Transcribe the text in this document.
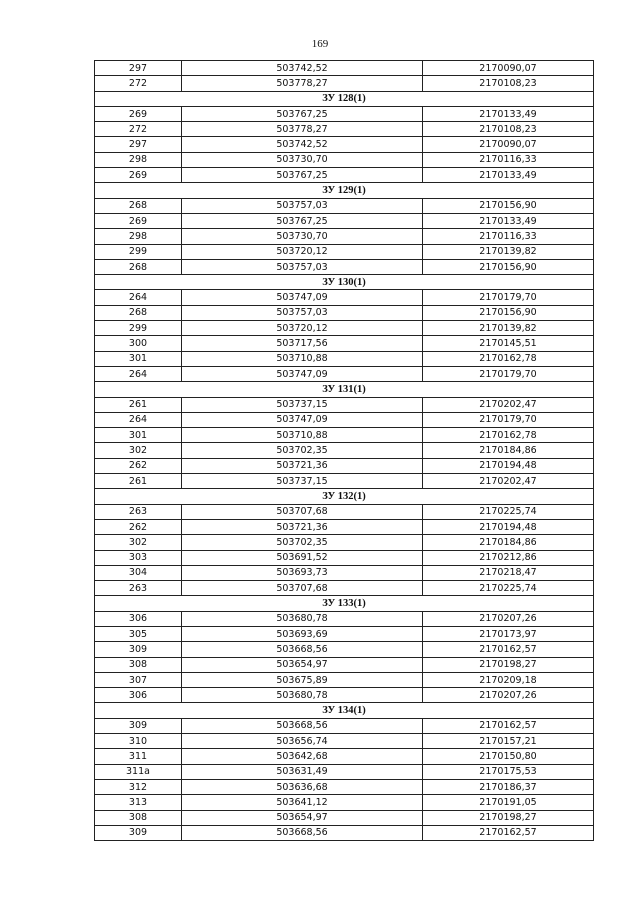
169
297	503742,52	2170090,07
272	503778,27	2170108,23
ЗУ 128(1)		
269	503767,25	2170133,49
272	503778,27	2170108,23
297	503742,52	2170090,07
298	503730,70	2170116,33
269	503767,25	2170133,49
ЗУ 129(1)		
268	503757,03	2170156,90
269	503767,25	2170133,49
298	503730,70	2170116,33
299	503720,12	2170139,82
268	503757,03	2170156,90
ЗУ 130(1)		
264	503747,09	2170179,70
268	503757,03	2170156,90
299	503720,12	2170139,82
300	503717,56	2170145,51
301	503710,88	2170162,78
264	503747,09	2170179,70
ЗУ 131(1)		
261	503737,15	2170202,47
264	503747,09	2170179,70
301	503710,88	2170162,78
302	503702,35	2170184,86
262	503721,36	2170194,48
261	503737,15	2170202,47
ЗУ 132(1)		
263	503707,68	2170225,74
262	503721,36	2170194,48
302	503702,35	2170184,86
303	503691,52	2170212,86
304	503693,73	2170218,47
263	503707,68	2170225,74
ЗУ 133(1)		
306	503680,78	2170207,26
305	503693,69	2170173,97
309	503668,56	2170162,57
308	503654,97	2170198,27
307	503675,89	2170209,18
306	503680,78	2170207,26
ЗУ 134(1)		
309	503668,56	2170162,57
310	503656,74	2170157,21
311	503642,68	2170150,80
311а	503631,49	2170175,53
312	503636,68	2170186,37
313	503641,12	2170191,05
308	503654,97	2170198,27
309	503668,56	2170162,57
